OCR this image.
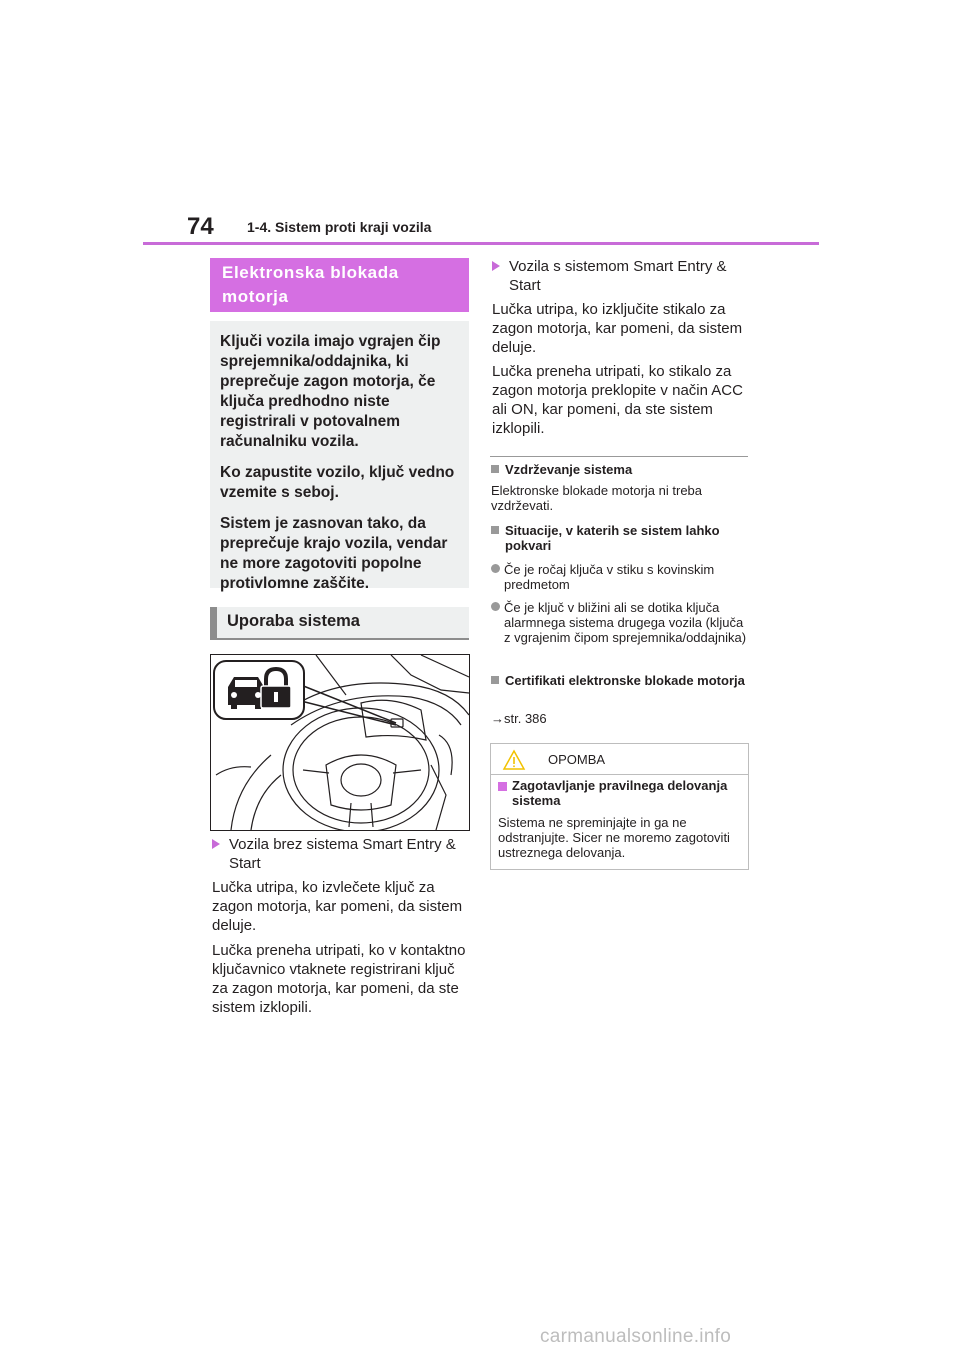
74 1-4. Sistem proti kraji vozila
Elektronska blokada
motorja

Ključi vozila imajo vgrajen čip sprejemnika/oddajnika, ki preprečuje zagon motorja, če ključa predhodno niste registrirali v potovalnem računalniku vozila.

Ko zapustite vozilo, ključ vedno vzemite s seboj.

Sistem je zasnovan tako, da preprečuje krajo vozila, vendar ne more zagotoviti popolne protivlomne zaščite.

Uporaba sistema
Vozila brez sistema Smart Entry & Start
Lučka utripa, ko izvlečete ključ za zagon motorja, kar pomeni, da sistem deluje.
Lučka preneha utripati, ko v kontaktno ključavnico vtaknete registrirani ključ za zagon motorja, kar pomeni, da ste sistem izklopili.
Vozila s sistemom Smart Entry & Start
Lučka utripa, ko izključite stikalo za zagon motorja, kar pomeni, da sistem deluje.
Lučka preneha utripati, ko stikalo za zagon motorja preklopite v način ACC ali ON, kar pomeni, da ste sistem izklopili.
Vzdrževanje sistema
Elektronske blokade motorja ni treba vzdrževati.
Situacije, v katerih se sistem lahko pokvari
Če je ročaj ključa v stiku s kovinskim predmetom
Če je ključ v bližini ali se dotika ključa alarmnega sistema drugega vozila (ključa z vgrajenim čipom sprejemnika/oddajnika)
Certifikati elektronske blokade motorja
→str. 386
OPOMBA
Zagotavljanje pravilnega delovanja sistema
Sistema ne spreminjajte in ga ne odstranjujte. Sicer ne moremo zagotoviti ustreznega delovanja.
carmanualsonline.info
